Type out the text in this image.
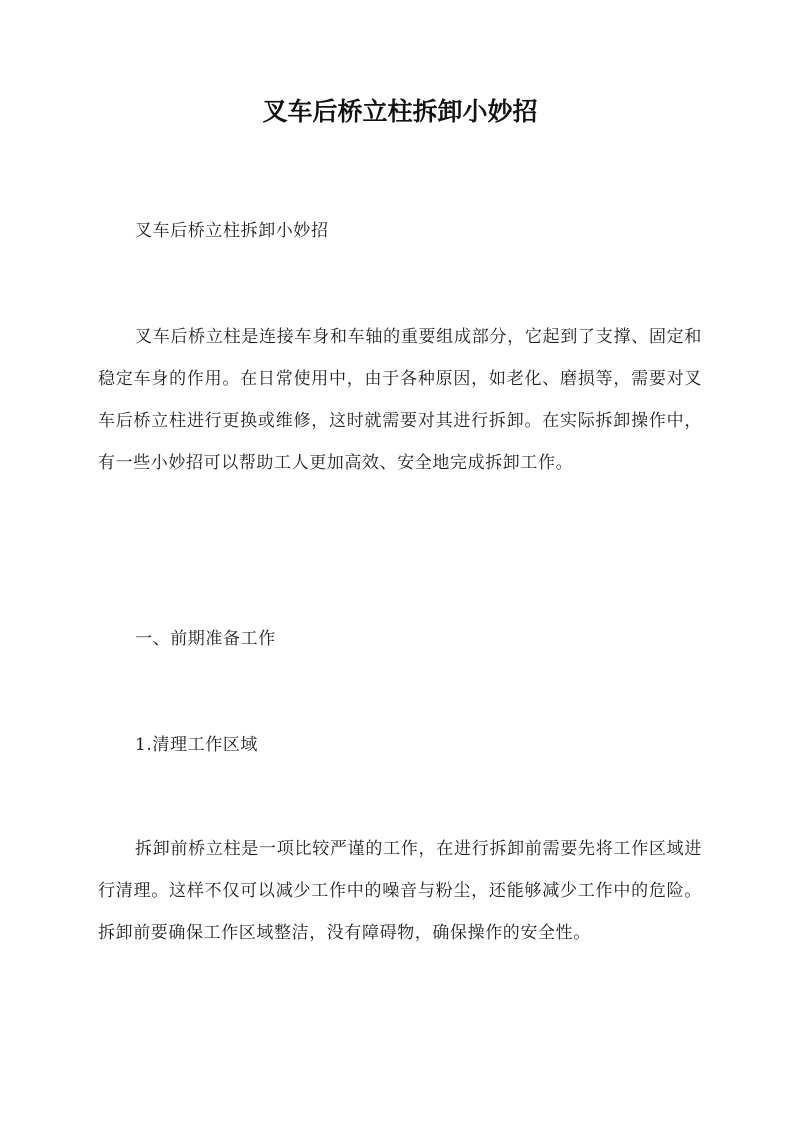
叉车后桥立柱拆卸小妙招

叉车后桥立柱拆卸小妙招

叉车后桥立柱是连接车身和车轴的重要组成部分，它起到了支撑、固定和稳定车身的作用。在日常使用中，由于各种原因，如老化、磨损等，需要对叉车后桥立柱进行更换或维修，这时就需要对其进行拆卸。在实际拆卸操作中，有一些小妙招可以帮助工人更加高效、安全地完成拆卸工作。

一、前期准备工作

1.清理工作区域

拆卸前桥立柱是一项比较严谨的工作，在进行拆卸前需要先将工作区域进行清理。这样不仅可以减少工作中的噪音与粉尘，还能够减少工作中的危险。拆卸前要确保工作区域整洁，没有障碍物，确保操作的安全性。
